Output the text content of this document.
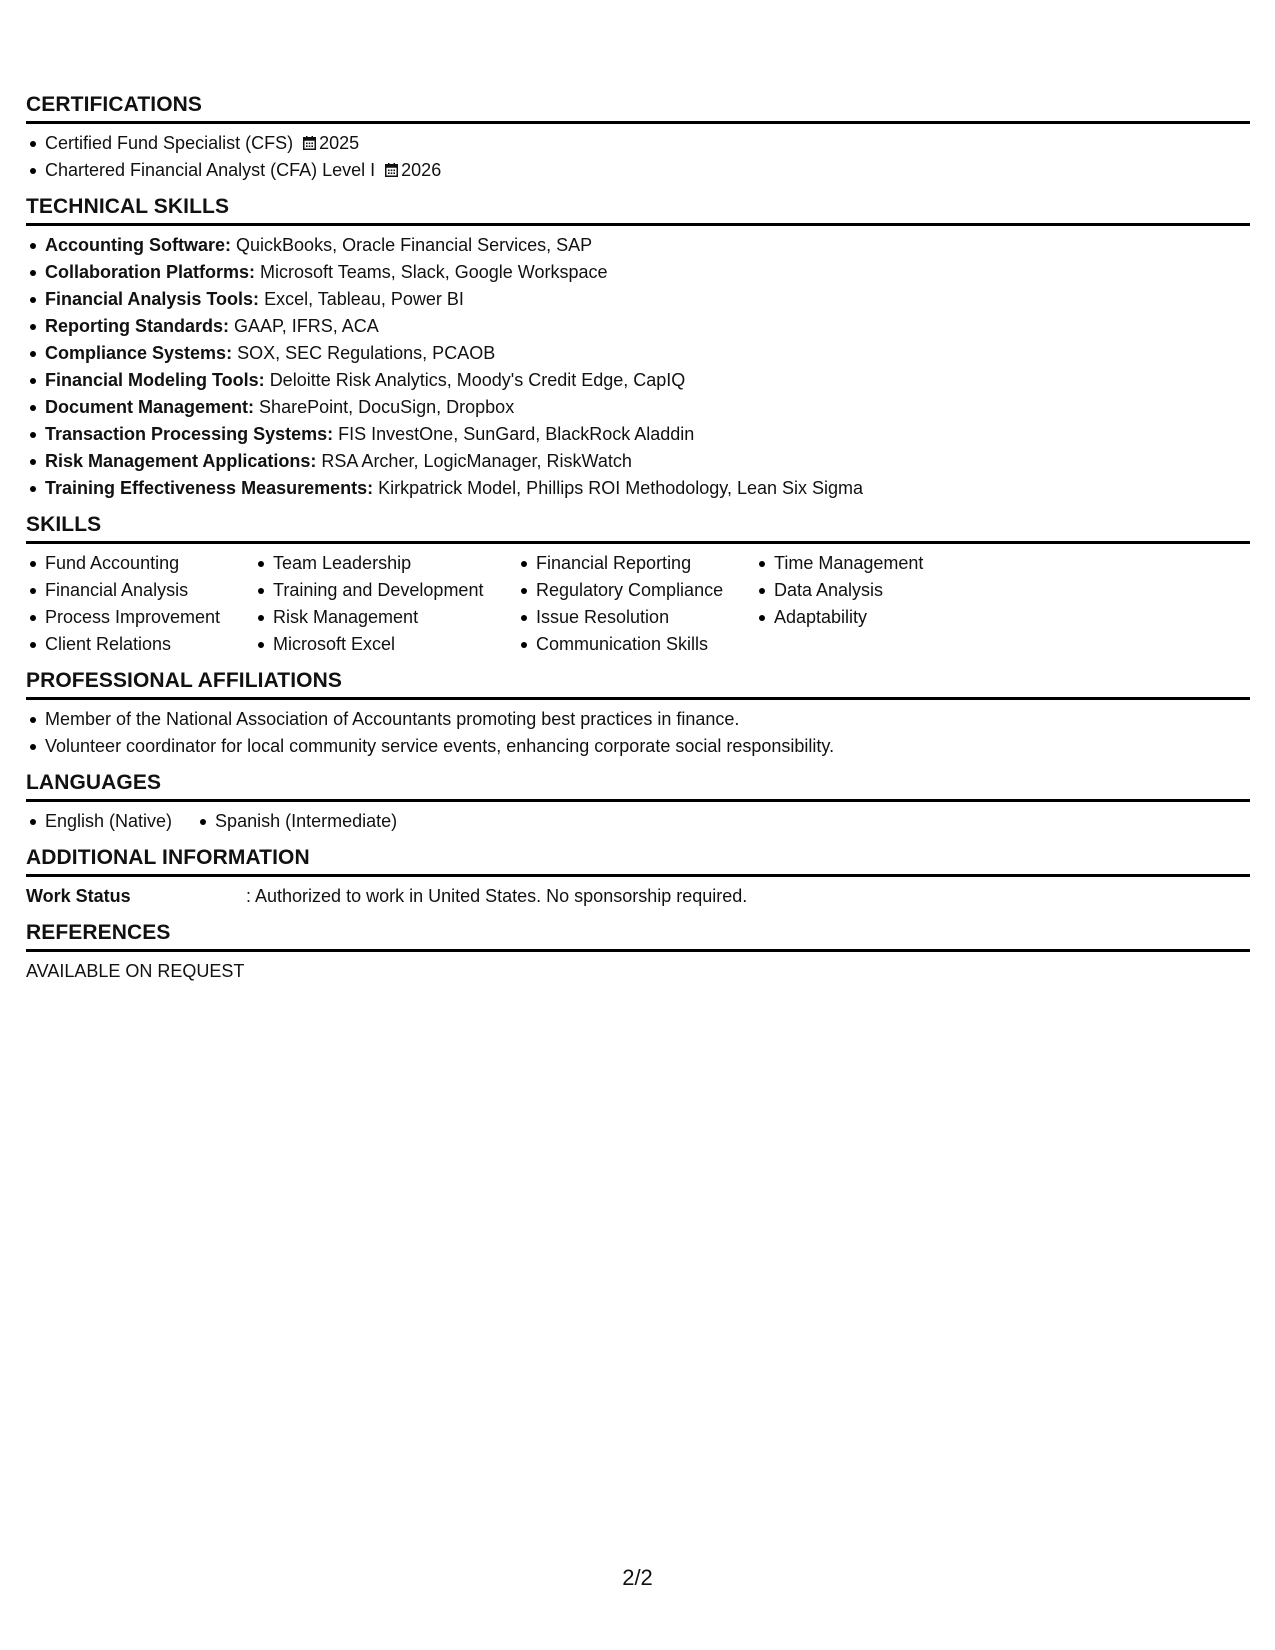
CERTIFICATIONS
Certified Fund Specialist (CFS) 2025
Chartered Financial Analyst (CFA) Level I 2026
TECHNICAL SKILLS
Accounting Software: QuickBooks, Oracle Financial Services, SAP
Collaboration Platforms: Microsoft Teams, Slack, Google Workspace
Financial Analysis Tools: Excel, Tableau, Power BI
Reporting Standards: GAAP, IFRS, ACA
Compliance Systems: SOX, SEC Regulations, PCAOB
Financial Modeling Tools: Deloitte Risk Analytics, Moody's Credit Edge, CapIQ
Document Management: SharePoint, DocuSign, Dropbox
Transaction Processing Systems: FIS InvestOne, SunGard, BlackRock Aladdin
Risk Management Applications: RSA Archer, LogicManager, RiskWatch
Training Effectiveness Measurements: Kirkpatrick Model, Phillips ROI Methodology, Lean Six Sigma
SKILLS
Fund Accounting
Financial Analysis
Process Improvement
Client Relations
Team Leadership
Training and Development
Risk Management
Microsoft Excel
Financial Reporting
Regulatory Compliance
Issue Resolution
Communication Skills
Time Management
Data Analysis
Adaptability
PROFESSIONAL AFFILIATIONS
Member of the National Association of Accountants promoting best practices in finance.
Volunteer coordinator for local community service events, enhancing corporate social responsibility.
LANGUAGES
English (Native)	Spanish (Intermediate)
ADDITIONAL INFORMATION
Work Status	: Authorized to work in United States. No sponsorship required.
REFERENCES
AVAILABLE ON REQUEST
2/2
